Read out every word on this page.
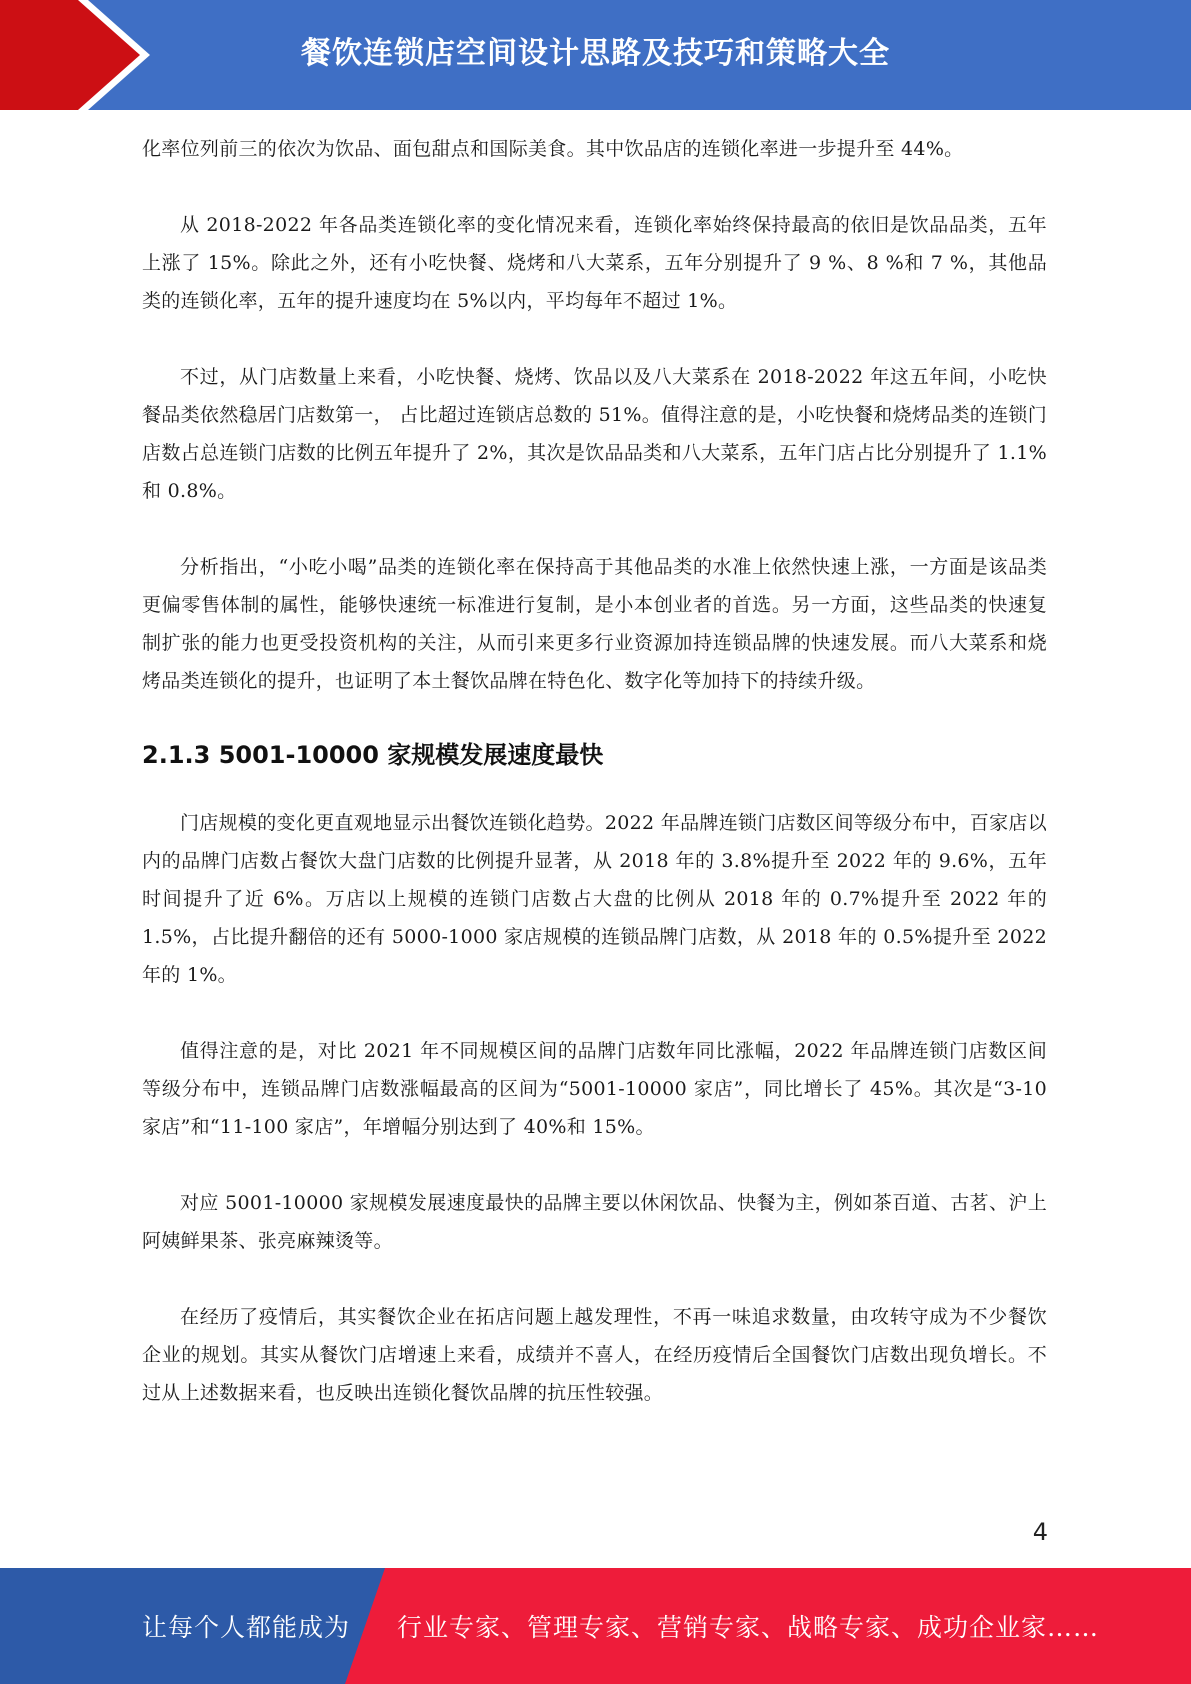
餐饮连锁店空间设计思路及技巧和策略大全

化率位列前三的依次为饮品、面包甜点和国际美食。其中饮品店的连锁化率进一步提升至 44%。

从 2018-2022 年各品类连锁化率的变化情况来看，连锁化率始终保持最高的依旧是饮品品类，五年上涨了 15%。除此之外，还有小吃快餐、烧烤和八大菜系，五年分别提升了 9 %、8 %和 7 %，其他品类的连锁化率，五年的提升速度均在 5%以内，平均每年不超过 1%。

不过，从门店数量上来看，小吃快餐、烧烤、饮品以及八大菜系在 2018-2022 年这五年间，小吃快餐品类依然稳居门店数第一， 占比超过连锁店总数的 51%。值得注意的是，小吃快餐和烧烤品类的连锁门店数占总连锁门店数的比例五年提升了 2%，其次是饮品品类和八大菜系，五年门店占比分别提升了 1.1%和 0.8%。

分析指出，“小吃小喝”品类的连锁化率在保持高于其他品类的水准上依然快速上涨，一方面是该品类更偏零售体制的属性，能够快速统一标准进行复制，是小本创业者的首选。另一方面，这些品类的快速复制扩张的能力也更受投资机构的关注，从而引来更多行业资源加持连锁品牌的快速发展。而八大菜系和烧烤品类连锁化的提升，也证明了本土餐饮品牌在特色化、数字化等加持下的持续升级。

2.1.3 5001-10000 家规模发展速度最快

门店规模的变化更直观地显示出餐饮连锁化趋势。2022 年品牌连锁门店数区间等级分布中，百家店以内的品牌门店数占餐饮大盘门店数的比例提升显著，从 2018 年的 3.8%提升至 2022 年的 9.6%，五年时间提升了近 6%。万店以上规模的连锁门店数占大盘的比例从 2018 年的 0.7%提升至 2022 年的 1.5%，占比提升翻倍的还有 5000-1000 家店规模的连锁品牌门店数，从 2018 年的 0.5%提升至 2022 年的 1%。

值得注意的是，对比 2021 年不同规模区间的品牌门店数年同比涨幅，2022 年品牌连锁门店数区间等级分布中，连锁品牌门店数涨幅最高的区间为“5001-10000 家店”，同比增长了 45%。其次是“3-10 家店”和“11-100 家店”，年增幅分别达到了 40%和 15%。

对应 5001-10000 家规模发展速度最快的品牌主要以休闲饮品、快餐为主，例如茶百道、古茗、沪上阿姨鲜果茶、张亮麻辣烫等。

在经历了疫情后，其实餐饮企业在拓店问题上越发理性，不再一味追求数量，由攻转守成为不少餐饮企业的规划。其实从餐饮门店增速上来看，成绩并不喜人，在经历疫情后全国餐饮门店数出现负增长。不过从上述数据来看，也反映出连锁化餐饮品牌的抗压性较强。

4
让每个人都能成为 行业专家、管理专家、营销专家、战略专家、成功企业家……
